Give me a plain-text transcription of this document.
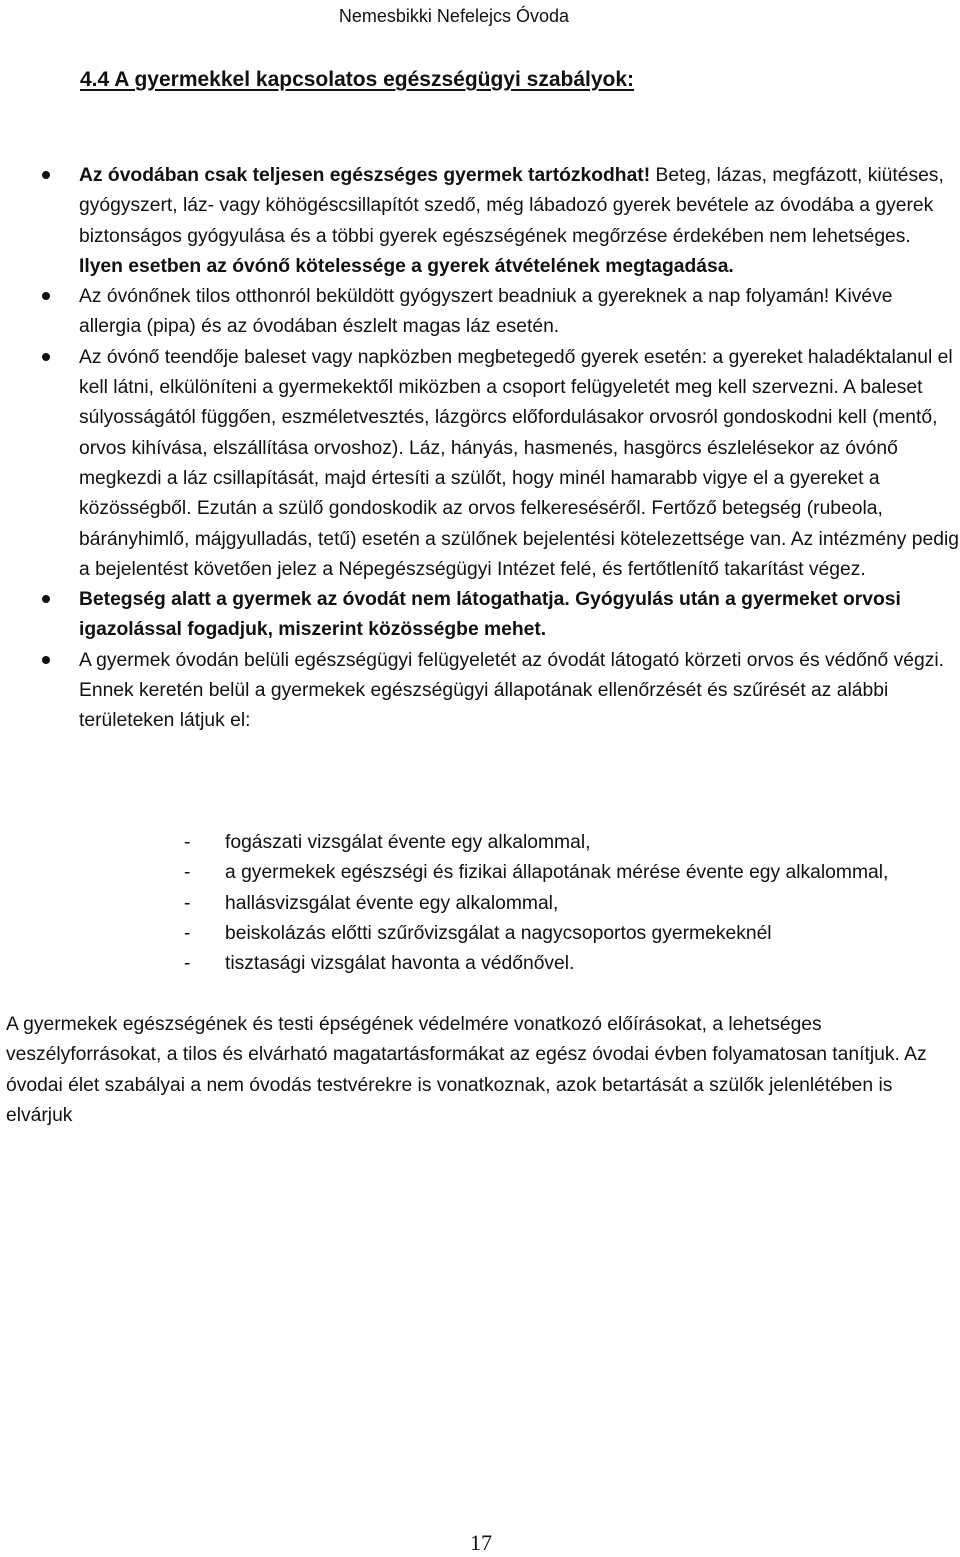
Nemesbikki Nefelejcs Óvoda
4.4 A gyermekkel kapcsolatos egészségügyi szabályok:
Az óvodában csak teljesen egészséges gyermek tartózkodhat! Beteg, lázas, megfázott, kiütéses, gyógyszert, láz- vagy köhögéscsillapítót szedő, még lábadozó gyerek bevétele az óvodába a gyerek biztonságos gyógyulása és a többi gyerek egészségének megőrzése érdekében nem lehetséges. Ilyen esetben az óvónő kötelessége a gyerek átvételének megtagadása.
Az óvónőnek tilos otthonról beküldött gyógyszert beadniuk a gyereknek a nap folyamán! Kivéve allergia (pipa) és az óvodában észlelt magas láz esetén.
Az óvónő teendője baleset vagy napközben megbetegedő gyerek esetén: a gyereket haladéktalanul el kell látni, elkülöníteni a gyermekektől miközben a csoport felügyeletét meg kell szervezni. A baleset súlyosságától függően, eszméletvesztés, lázgörcs előfordulásakor orvosról gondoskodni kell (mentő, orvos kihívása, elszállítása orvoshoz). Láz, hányás, hasmenés, hasgörcs észlelésekor az óvónő megkezdi a láz csillapítását, majd értesíti a szülőt, hogy minél hamarabb vigye el a gyereket a közösségből. Ezután a szülő gondoskodik az orvos felkereséséről. Fertőző betegség (rubeola, bárányhimlő, májgyulladás, tetű) esetén a szülőnek bejelentési kötelezettsége van. Az intézmény pedig a bejelentést követően jelez a Népegészségügyi Intézet felé, és fertőtlenítő takarítást végez.
Betegség alatt a gyermek az óvodát nem látogathatja. Gyógyulás után a gyermeket orvosi igazolással fogadjuk, miszerint közösségbe mehet.
A gyermek óvodán belüli egészségügyi felügyeletét az óvodát látogató körzeti orvos és védőnő végzi. Ennek keretén belül a gyermekek egészségügyi állapotának ellenőrzését és szűrését az alábbi területeken látjuk el:
- fogászati vizsgálat évente egy alkalommal,
- a gyermekek egészségi és fizikai állapotának mérése évente egy alkalommal,
- hallásvizsgálat évente egy alkalommal,
- beiskolázás előtti szűrővizsgálat a nagycsoportos gyermekeknél
- tisztasági vizsgálat havonta a védőnővel.

A gyermekek egészségének és testi épségének védelmére vonatkozó előírásokat, a lehetséges veszélyforrásokat, a tilos és elvárható magatartásformákat az egész óvodai évben folyamatosan tanítjuk. Az óvodai élet szabályai a nem óvodás testvérekre is vonatkoznak, azok betartását a szülők jelenlétében is elvárjuk

17
